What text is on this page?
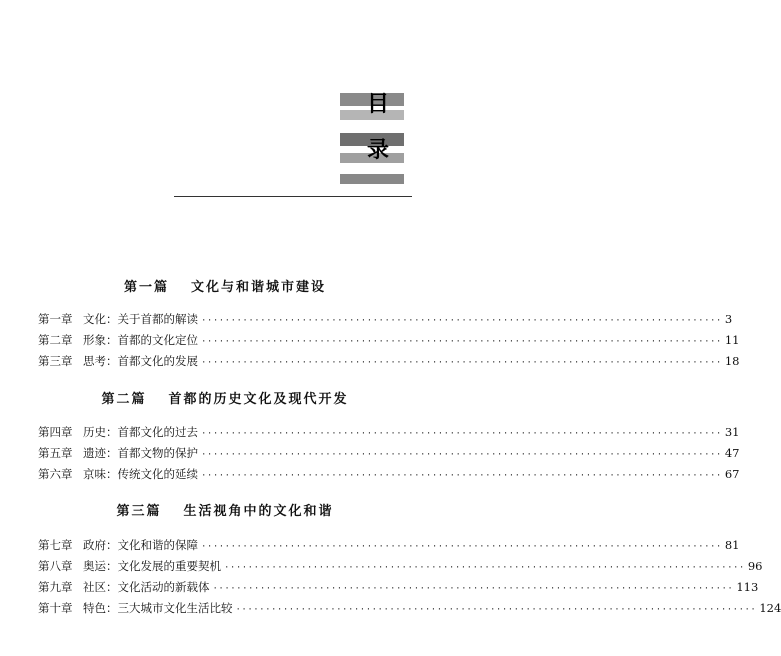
目
录
第一篇 文化与和谐城市建设
第一章 文化： 关于首都的解读 ························································································ 3
第二章 形象： 首都的文化定位 ························································································ 11
第三章 思考： 首都文化的发展 ························································································ 18
第二篇 首都的历史文化及现代开发
第四章 历史： 首都文化的过去 ························································································ 31
第五章 遗迹： 首都文物的保护 ························································································ 47
第六章 京味： 传统文化的延续 ························································································ 67
第三篇 生活视角中的文化和谐
第七章 政府： 文化和谐的保障 ························································································ 81
第八章 奥运： 文化发展的重要契机 ························································································ 96
第九章 社区： 文化活动的新载体 ························································································ 113
第十章 特色： 三大城市文化生活比较 ························································································ 124
